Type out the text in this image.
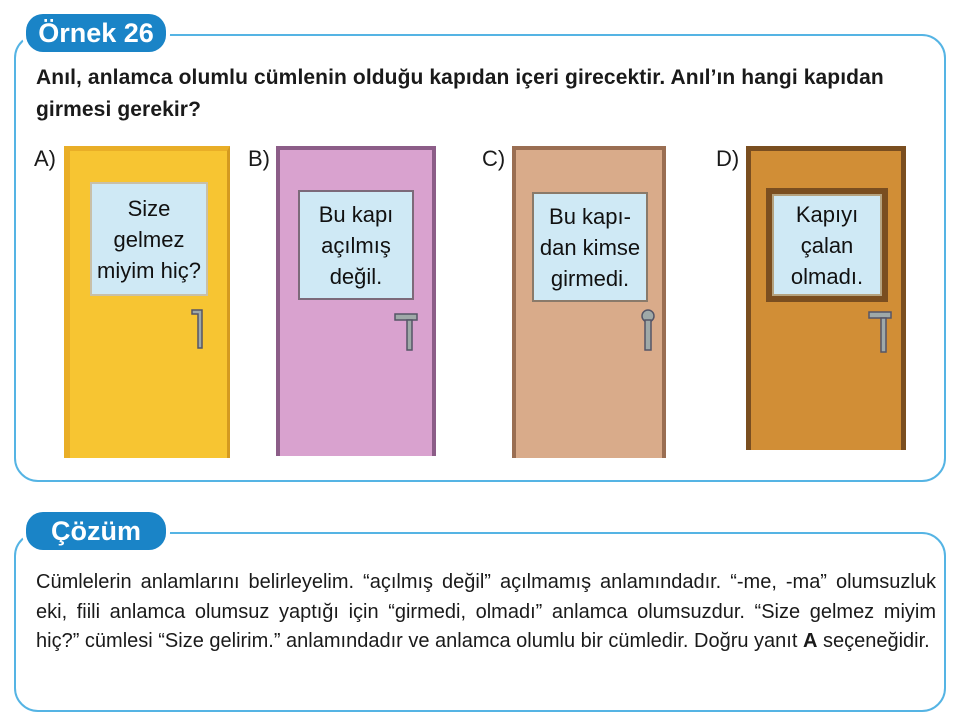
Örnek 26
Anıl, anlamca olumlu cümlenin olduğu kapıdan içeri girecektir. Anıl’ın hangi kapıdan girmesi gerekir?
A)
Size
gelmez
miyim hiç?
B)
Bu kapı
açılmış
değil.
C)
Bu kapı-
dan kimse
girmedi.
D)
Kapıyı
çalan
olmadı.
Çözüm
Cümlelerin anlamlarını belirleyelim. “açılmış değil” açılmamış anlamındadır. “-me, -ma” olumsuzluk eki, fiili anlamca olumsuz yaptığı için “girmedi, olmadı” anlamca olumsuzdur. “Size gelmez miyim hiç?” cümlesi “Size gelirim.” anlamındadır ve anlamca olumlu bir cümledir. Doğru yanıt A seçeneğidir.
